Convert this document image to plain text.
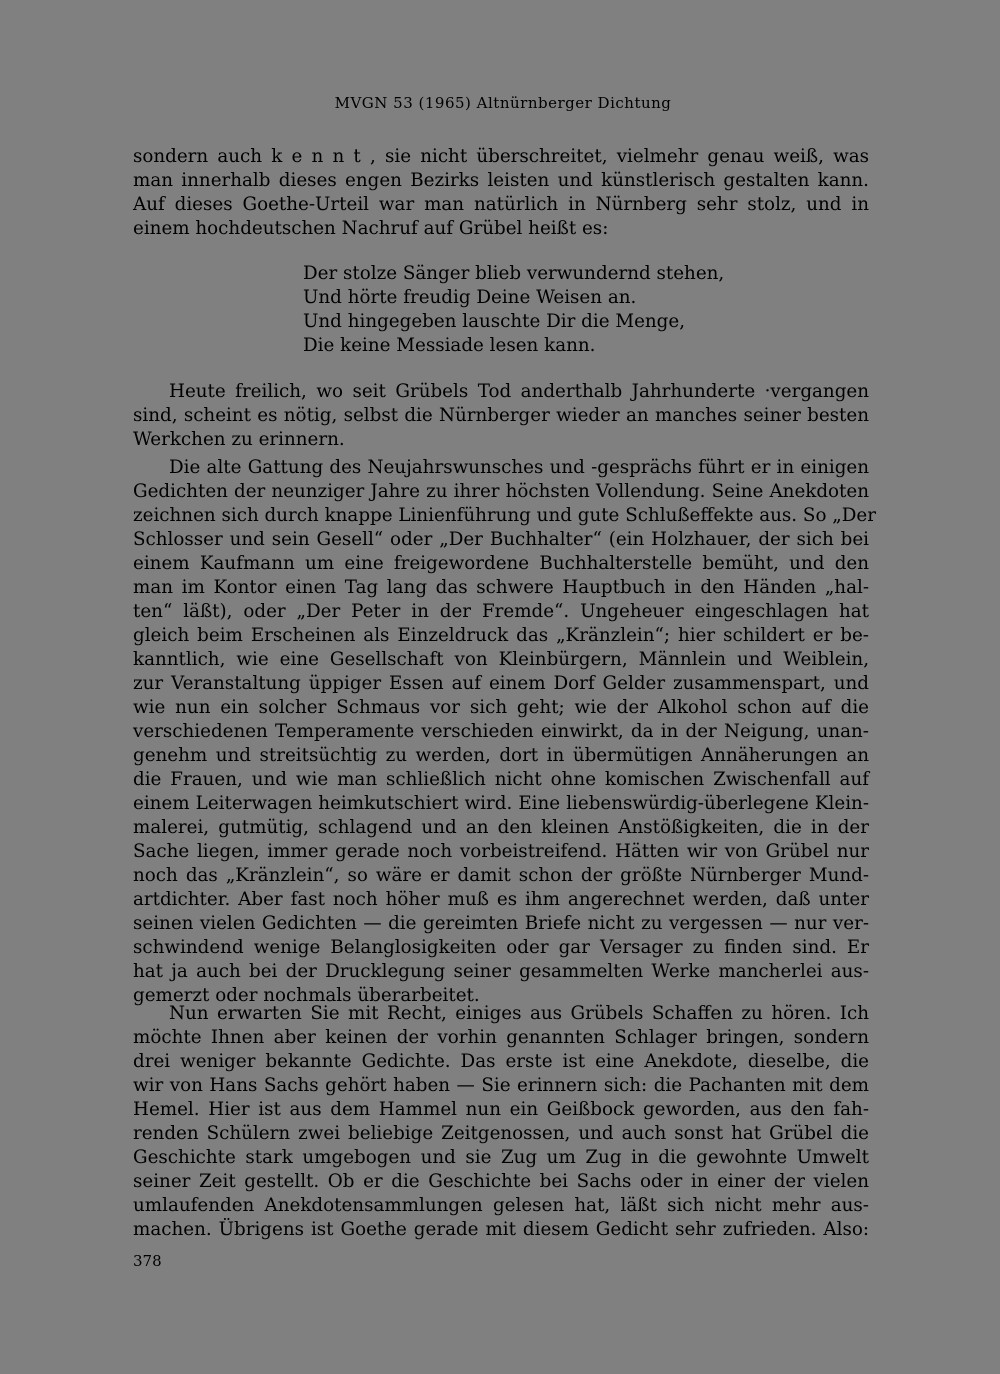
MVGN 53 (1965) Altnürnberger Dichtung
sondern auch k e n n t , sie nicht überschreitet, vielmehr genau weiß, was
man innerhalb dieses engen Bezirks leisten und künstlerisch gestalten kann.
Auf dieses Goethe-Urteil war man natürlich in Nürnberg sehr stolz, und in
einem hochdeutschen Nachruf auf Grübel heißt es:
Der stolze Sänger blieb verwundernd stehen,
Und hörte freudig Deine Weisen an.
Und hingegeben lauschte Dir die Menge,
Die keine Messiade lesen kann.
Heute freilich, wo seit Grübels Tod anderthalb Jahrhunderte ·vergangen
sind, scheint es nötig, selbst die Nürnberger wieder an manches seiner besten
Werkchen zu erinnern.
Die alte Gattung des Neujahrswunsches und -gesprächs führt er in einigen
Gedichten der neunziger Jahre zu ihrer höchsten Vollendung. Seine Anekdoten
zeichnen sich durch knappe Linienführung und gute Schlußeffekte aus. So „Der
Schlosser und sein Gesell“ oder „Der Buchhalter“ (ein Holzhauer, der sich bei
einem Kaufmann um eine freigewordene Buchhalterstelle bemüht, und den
man im Kontor einen Tag lang das schwere Hauptbuch in den Händen „hal-
ten“ läßt), oder „Der Peter in der Fremde“. Ungeheuer eingeschlagen hat
gleich beim Erscheinen als Einzeldruck das „Kränzlein“; hier schildert er be-
kanntlich, wie eine Gesellschaft von Kleinbürgern, Männlein und Weiblein,
zur Veranstaltung üppiger Essen auf einem Dorf Gelder zusammenspart, und
wie nun ein solcher Schmaus vor sich geht; wie der Alkohol schon auf die
verschiedenen Temperamente verschieden einwirkt, da in der Neigung, unan-
genehm und streitsüchtig zu werden, dort in übermütigen Annäherungen an
die Frauen, und wie man schließlich nicht ohne komischen Zwischenfall auf
einem Leiterwagen heimkutschiert wird. Eine liebenswürdig-überlegene Klein-
malerei, gutmütig, schlagend und an den kleinen Anstößigkeiten, die in der
Sache liegen, immer gerade noch vorbeistreifend. Hätten wir von Grübel nur
noch das „Kränzlein“, so wäre er damit schon der größte Nürnberger Mund-
artdichter. Aber fast noch höher muß es ihm angerechnet werden, daß unter
seinen vielen Gedichten — die gereimten Briefe nicht zu vergessen — nur ver-
schwindend wenige Belanglosigkeiten oder gar Versager zu finden sind. Er
hat ja auch bei der Drucklegung seiner gesammelten Werke mancherlei aus-
gemerzt oder nochmals überarbeitet.
Nun erwarten Sie mit Recht, einiges aus Grübels Schaffen zu hören. Ich
möchte Ihnen aber keinen der vorhin genannten Schlager bringen, sondern
drei weniger bekannte Gedichte. Das erste ist eine Anekdote, dieselbe, die
wir von Hans Sachs gehört haben — Sie erinnern sich: die Pachanten mit dem
Hemel. Hier ist aus dem Hammel nun ein Geißbock geworden, aus den fah-
renden Schülern zwei beliebige Zeitgenossen, und auch sonst hat Grübel die
Geschichte stark umgebogen und sie Zug um Zug in die gewohnte Umwelt
seiner Zeit gestellt. Ob er die Geschichte bei Sachs oder in einer der vielen
umlaufenden Anekdotensammlungen gelesen hat, läßt sich nicht mehr aus-
machen. Übrigens ist Goethe gerade mit diesem Gedicht sehr zufrieden. Also:
378
